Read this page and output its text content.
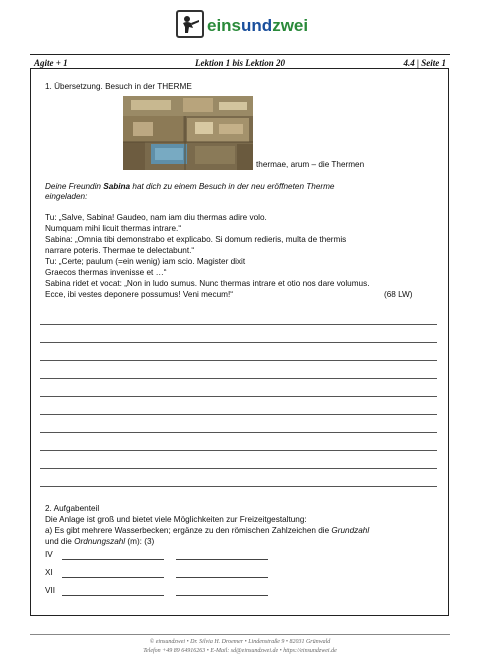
einsundzwei
Agite + 1	Lektion 1 bis Lektion 20	4.4 | Seite 1
1. Übersetzung. Besuch in der THERME
thermae, arum – die Thermen
Deine Freundin Sabina hat dich zu einem Besuch in der neu eröffneten Therme
eingeladen:
Tu: „Salve, Sabina! Gaudeo, nam iam diu thermas adire volo.
Numquam mihi licuit thermas intrare.“
Sabina: „Omnia tibi demonstrabo et explicabo. Si domum redieris, multa de thermis
narrare poteris. Thermae te delectabunt.“
Tu: „Certe; paulum (=ein wenig) iam scio. Magister dixit
Graecos thermas invenisse et …“
Sabina ridet et vocat: „Non in ludo sumus. Nunc thermas intrare et otio nos dare volumus.
Ecce, ibi vestes deponere possumus! Veni mecum!“	(68 LW)
2. Aufgabenteil
Die Anlage ist groß und bietet viele Möglichkeiten zur Freizeitgestaltung:
a) Es gibt mehrere Wasserbecken; ergänze zu den römischen Zahlzeichen die Grundzahl
und die Ordnungszahl (m): (3)
IV
XI
VII
© einsundzwei • Dr. Silvia H. Droemer • Lindenstraße 9 • 82031 Grünwald
Telefon +49 89 64916263 • E-Mail: sd@einsundzwei.de • https://einsundzwei.de
